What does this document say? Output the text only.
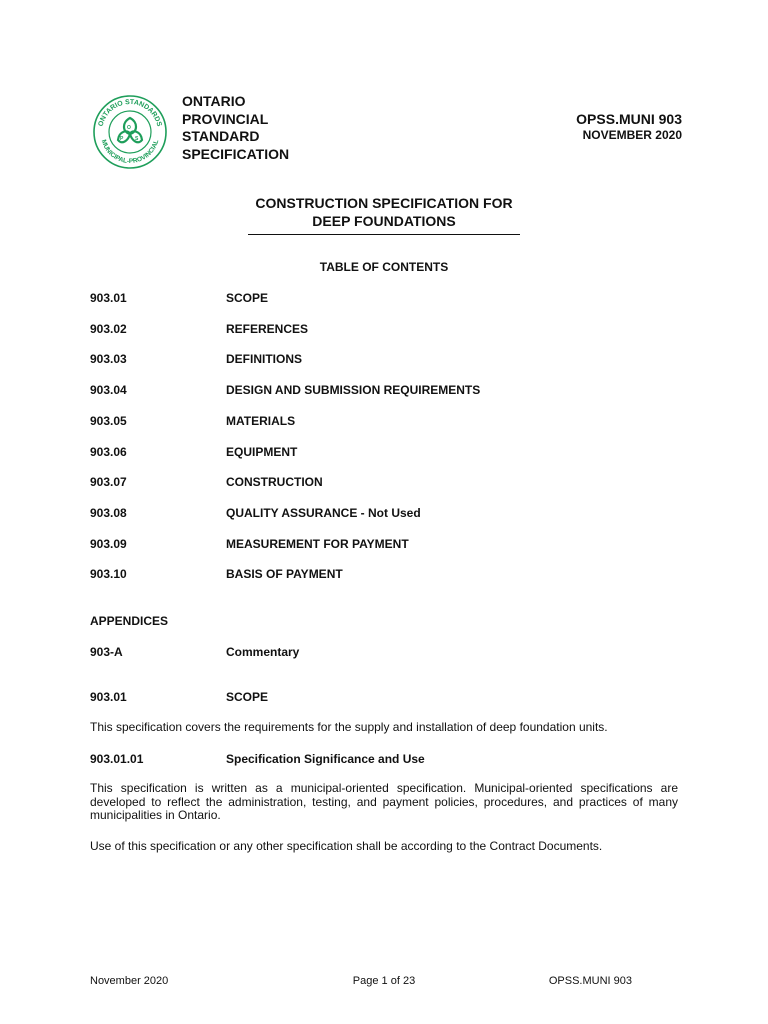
ONTARIO STANDARDS
MUNICIPAL-PROVINCIAL
O
P S
ONTARIO
PROVINCIAL
STANDARD
SPECIFICATION
OPSS.MUNI 903
NOVEMBER 2020
CONSTRUCTION SPECIFICATION FOR
DEEP FOUNDATIONS
TABLE OF CONTENTS
903.01	SCOPE
903.02	REFERENCES
903.03	DEFINITIONS
903.04	DESIGN AND SUBMISSION REQUIREMENTS
903.05	MATERIALS
903.06	EQUIPMENT
903.07	CONSTRUCTION
903.08	QUALITY ASSURANCE - Not Used
903.09	MEASUREMENT FOR PAYMENT
903.10	BASIS OF PAYMENT
APPENDICES
903-A	Commentary
903.01	SCOPE
This specification covers the requirements for the supply and installation of deep foundation units.
903.01.01	Specification Significance and Use
This specification is written as a municipal-oriented specification. Municipal-oriented specifications are developed to reflect the administration, testing, and payment policies, procedures, and practices of many municipalities in Ontario.
Use of this specification or any other specification shall be according to the Contract Documents.
November 2020	Page 1 of 23	OPSS.MUNI 903
